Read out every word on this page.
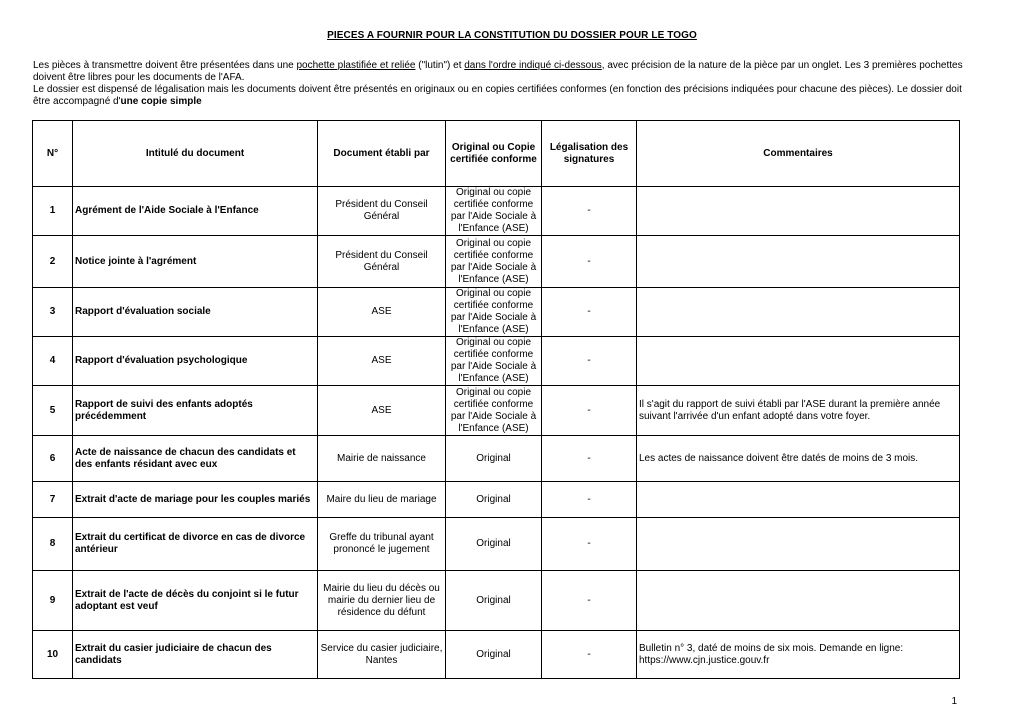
PIECES A FOURNIR POUR LA CONSTITUTION DU DOSSIER POUR LE TOGO

Les pièces à transmettre doivent être présentées dans une pochette plastifiée et reliée ("lutin") et dans l'ordre indiqué ci-dessous, avec précision de la nature de la pièce par un onglet. Les 3 premières pochettes doivent être libres pour les documents de l'AFA.

Le dossier est dispensé de légalisation mais les documents doivent être présentés en originaux ou en copies certifiées conformes (en fonction des précisions indiquées pour chacune des pièces). Le dossier doit être accompagné d'une copie simple

N°	Intitulé du document	Document établi par	Original ou Copie certifiée conforme	Légalisation des signatures	Commentaires
1	Agrément de l'Aide Sociale à l'Enfance	Président du Conseil Général	Original ou copie certifiée conforme par l'Aide Sociale à l'Enfance (ASE)	-	
2	Notice jointe à l'agrément	Président du Conseil Général	Original ou copie certifiée conforme par l'Aide Sociale à l'Enfance (ASE)	-	
3	Rapport d'évaluation sociale	ASE	Original ou copie certifiée conforme par l'Aide Sociale à l'Enfance (ASE)	-	
4	Rapport d'évaluation psychologique	ASE	Original ou copie certifiée conforme par l'Aide Sociale à l'Enfance (ASE)	-	
5	Rapport de suivi des enfants adoptés précédemment	ASE	Original ou copie certifiée conforme par l'Aide Sociale à l'Enfance (ASE)	-	Il s'agit du rapport de suivi établi par l'ASE durant la première année suivant l'arrivée d'un enfant adopté dans votre foyer.
6	Acte de naissance de chacun des candidats et des enfants résidant avec eux	Mairie de naissance	Original	-	Les actes de naissance doivent être datés de moins de 3 mois.
7	Extrait d'acte de mariage pour les couples mariés	Maire du lieu de mariage	Original	-	
8	Extrait du certificat de divorce en cas de divorce antérieur	Greffe du tribunal ayant prononcé le jugement	Original	-	
9	Extrait de l'acte de décès du conjoint si le futur adoptant est veuf	Mairie du lieu du décès ou mairie du dernier lieu de résidence du défunt	Original	-	
10	Extrait du casier judiciaire de chacun des candidats	Service du casier judiciaire, Nantes	Original	-	Bulletin n° 3, daté de moins de six mois. Demande en ligne: https://www.cjn.justice.gouv.fr
1
